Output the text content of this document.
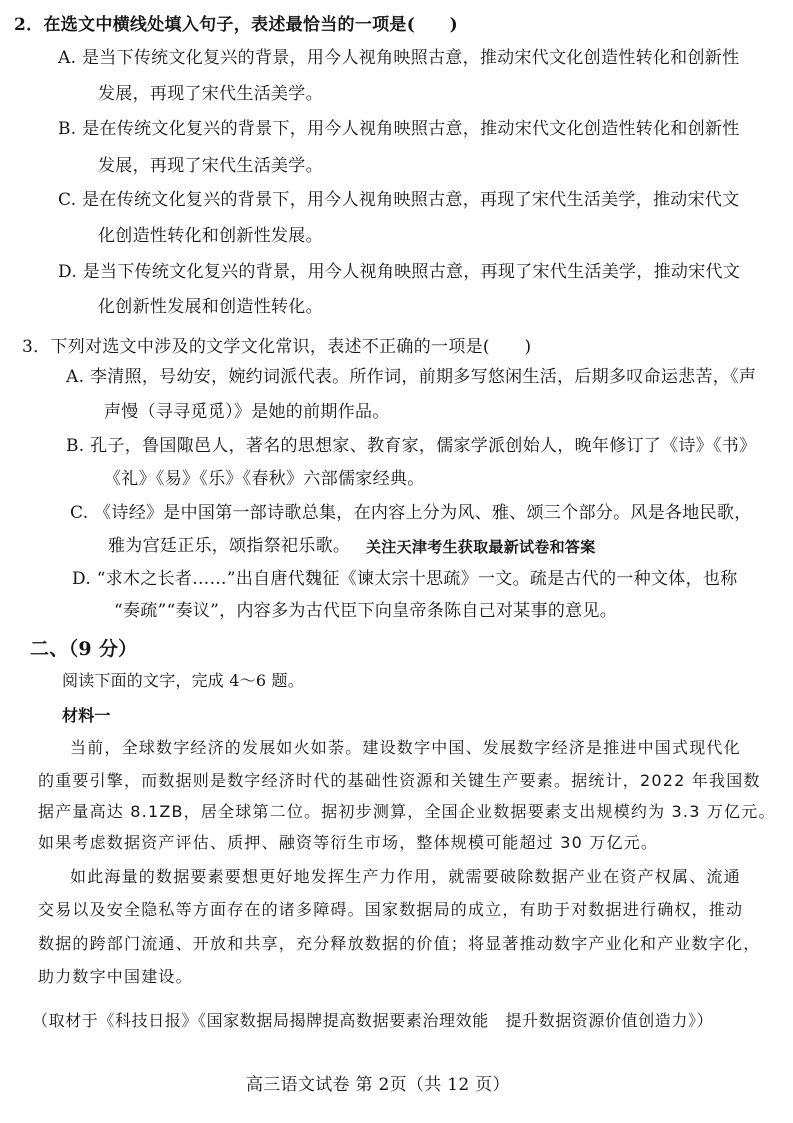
2．在选文中横线处填入句子，表述最恰当的一项是(　　)
A. 是当下传统文化复兴的背景，用今人视角映照古意，推动宋代文化创造性转化和创新性
发展，再现了宋代生活美学。
B. 是在传统文化复兴的背景下，用今人视角映照古意，推动宋代文化创造性转化和创新性
发展，再现了宋代生活美学。
C. 是在传统文化复兴的背景下，用今人视角映照古意，再现了宋代生活美学，推动宋代文
化创造性转化和创新性发展。
D. 是当下传统文化复兴的背景，用今人视角映照古意，再现了宋代生活美学，推动宋代文
化创新性发展和创造性转化。
3．下列对选文中涉及的文学文化常识，表述不正确的一项是(　　)
A. 李清照，号幼安，婉约词派代表。所作词，前期多写悠闲生活，后期多叹命运悲苦，《声
声慢（寻寻觅觅）》是她的前期作品。
B. 孔子，鲁国陬邑人，著名的思想家、教育家，儒家学派创始人，晚年修订了《诗》《书》
《礼》《易》《乐》《春秋》六部儒家经典。
C. 《诗经》是中国第一部诗歌总集，在内容上分为风、雅、颂三个部分。风是各地民歌，
雅为宫廷正乐，颂指祭祀乐歌。 关注天津考生获取最新试卷和答案
D. “求木之长者……”出自唐代魏征《谏太宗十思疏》一文。疏是古代的一种文体，也称
“奏疏”“奏议”，内容多为古代臣下向皇帝条陈自己对某事的意见。
二、（9 分）
阅读下面的文字，完成 4～6 题。
材料一
当前，全球数字经济的发展如火如荼。建设数字中国、发展数字经济是推进中国式现代化
的重要引擎，而数据则是数字经济时代的基础性资源和关键生产要素。据统计，2022 年我国数
据产量高达 8.1ZB，居全球第二位。据初步测算，全国企业数据要素支出规模约为 3.3 万亿元。
如果考虑数据资产评估、质押、融资等衍生市场，整体规模可能超过 30 万亿元。
如此海量的数据要素要想更好地发挥生产力作用，就需要破除数据产业在资产权属、流通
交易以及安全隐私等方面存在的诸多障碍。国家数据局的成立，有助于对数据进行确权，推动
数据的跨部门流通、开放和共享，充分释放数据的价值；将显著推动数字产业化和产业数字化，
助力数字中国建设。
（取材于《科技日报》《国家数据局揭牌提高数据要素治理效能　提升数据资源价值创造力》）
高三语文试卷 第 2页（共 12 页）
